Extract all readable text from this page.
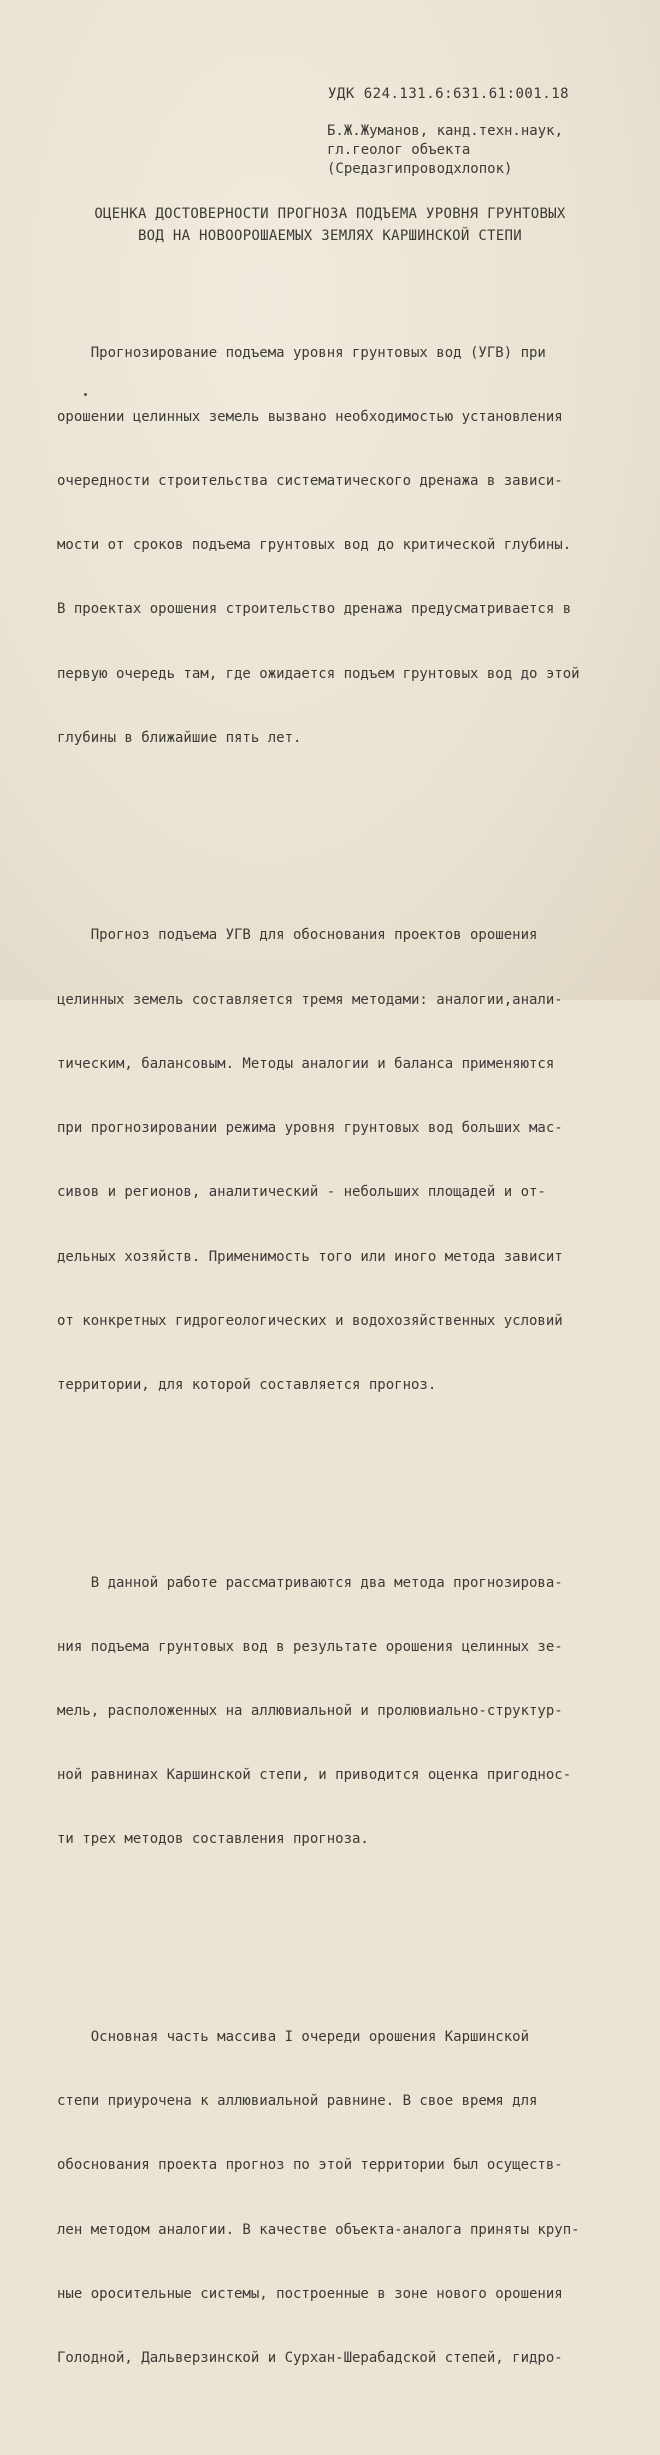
УДК 624.131.6:631.61:001.18
Б.Ж.Жуманов, канд.техн.наук,
гл.геолог объекта
(Средазгипроводхлопок)
ОЦЕНКА ДОСТОВЕРНОСТИ ПРОГНОЗА ПОДЪЕМА УРОВНЯ ГРУНТОВЫХ
ВОД НА НОВООРОШАЕМЫХ ЗЕМЛЯХ КАРШИНСКОЙ СТЕПИ

Прогнозирование подъема уровня грунтовых вод (УГВ) при

орошении целинных земель вызвано необходимостью установления

очередности строительства систематического дренажа в зависи-

мости от сроков подъема грунтовых вод до критической глубины.

В проектах орошения строительство дренажа предусматривается в

первую очередь там, где ожидается подъем грунтовых вод до этой

глубины в ближайшие пять лет.

Прогноз подъема УГВ для обоснования проектов орошения

целинных земель составляется тремя методами: аналогии,анали-

тическим, балансовым. Методы аналогии и баланса применяются

при прогнозировании режима уровня грунтовых вод больших мас-

сивов и регионов, аналитический - небольших площадей и от-

дельных хозяйств. Применимость того или иного метода зависит

от конкретных гидрогеологических и водохозяйственных условий

территории, для которой составляется прогноз.

В данной работе рассматриваются два метода прогнозирова-

ния подъема грунтовых вод в результате орошения целинных зе-

мель, расположенных на аллювиальной и пролювиально-структур-

ной равнинах Каршинской степи, и приводится оценка пригоднос-

ти трех методов составления прогноза.

Основная часть массива I очереди орошения Каршинской

степи приурочена к аллювиальной равнине. В свое время для

обоснования проекта прогноз по этой территории был осуществ-

лен методом аналогии. В качестве объекта-аналога приняты круп-

ные оросительные системы, построенные в зоне нового орошения

Голодной, Дальверзинской и Сурхан-Шерабадской степей, гидро-
